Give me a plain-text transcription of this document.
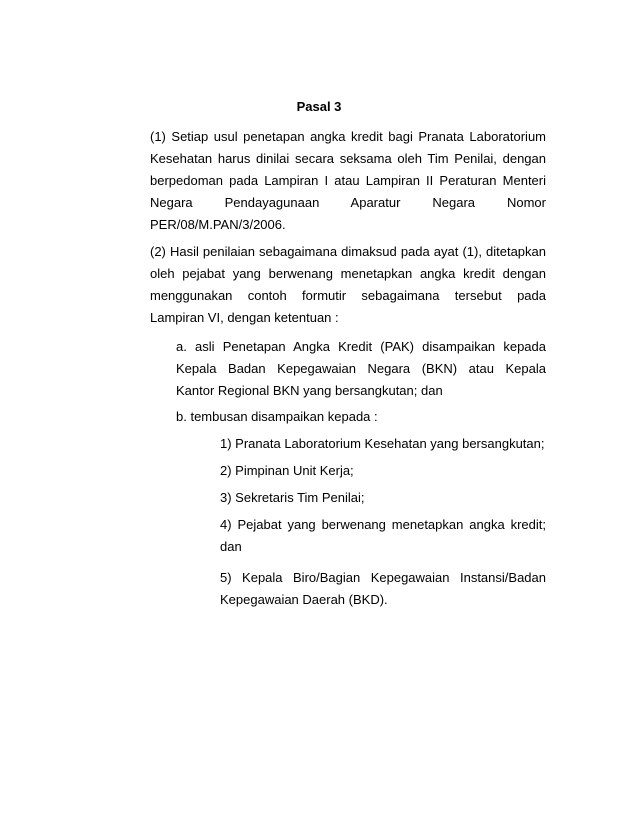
Pasal 3
(1) Setiap usul penetapan angka kredit bagi Pranata Laboratorium
Kesehatan harus dinilai secara seksama oleh Tim Penilai, dengan
berpedoman pada Lampiran I atau Lampiran II Peraturan Menteri
Negara Pendayagunaan Aparatur Negara Nomor
PER/08/M.PAN/3/2006.
(2) Hasil penilaian sebagaimana dimaksud pada ayat (1), ditetapkan
oleh pejabat yang berwenang menetapkan angka kredit dengan
menggunakan contoh formutir sebagaimana tersebut pada
Lampiran VI, dengan ketentuan :
a. asli Penetapan Angka Kredit (PAK) disampaikan kepada
Kepala Badan Kepegawaian Negara (BKN) atau Kepala
Kantor Regional BKN yang bersangkutan; dan
b. tembusan disampaikan kepada :
1) Pranata Laboratorium Kesehatan yang bersangkutan;
2) Pimpinan Unit Kerja;
3) Sekretaris Tim Penilai;
4) Pejabat yang berwenang menetapkan angka kredit;
dan
5) Kepala Biro/Bagian Kepegawaian Instansi/Badan
Kepegawaian Daerah (BKD).
